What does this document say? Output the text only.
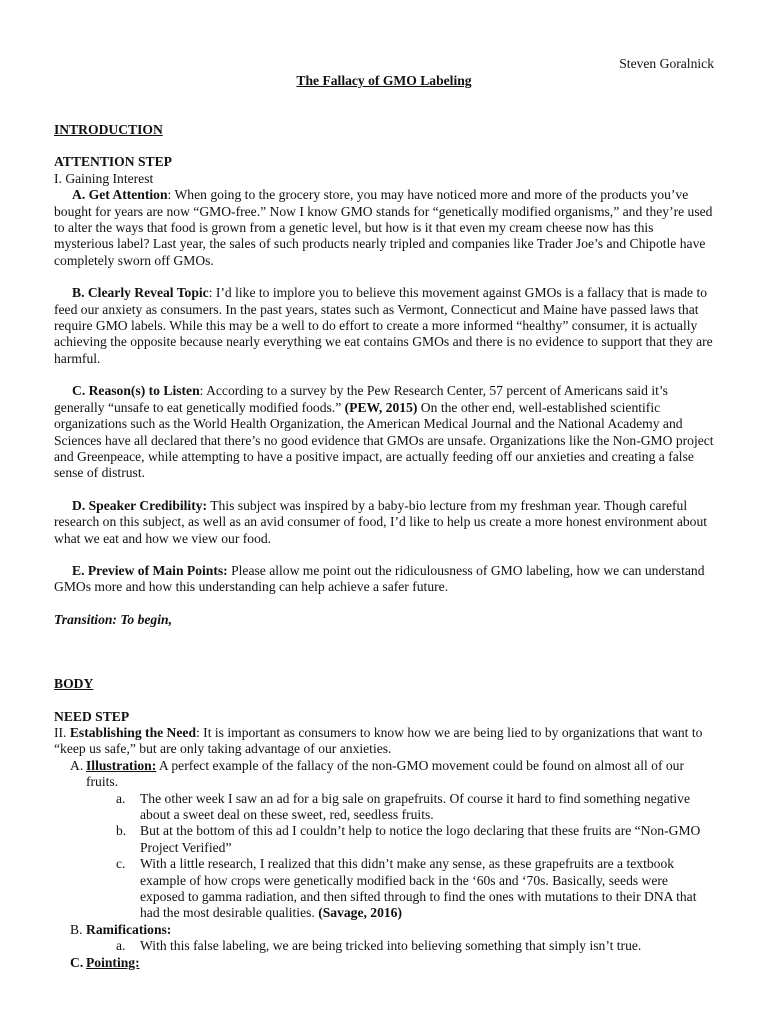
Steven Goralnick
The Fallacy of GMO Labeling
INTRODUCTION
ATTENTION STEP
I. Gaining Interest
A. Get Attention: When going to the grocery store, you may have noticed more and more of the products you’ve bought for years are now “GMO-free.” Now I know GMO stands for “genetically modified organisms,” and they’re used to alter the ways that food is grown from a genetic level, but how is it that even my cream cheese now has this mysterious label? Last year, the sales of such products nearly tripled and companies like Trader Joe’s and Chipotle have completely sworn off GMOs.
B. Clearly Reveal Topic: I’d like to implore you to believe this movement against GMOs is a fallacy that is made to feed our anxiety as consumers. In the past years, states such as Vermont, Connecticut and Maine have passed laws that require GMO labels. While this may be a well to do effort to create a more informed “healthy” consumer, it is actually achieving the opposite because nearly everything we eat contains GMOs and there is no evidence to support that they are harmful.
C. Reason(s) to Listen: According to a survey by the Pew Research Center, 57 percent of Americans said it’s generally “unsafe to eat genetically modified foods.” (PEW, 2015) On the other end, well-established scientific organizations such as the World Health Organization, the American Medical Journal and the National Academy and Sciences have all declared that there’s no good evidence that GMOs are unsafe. Organizations like the Non-GMO project and Greenpeace, while attempting to have a positive impact, are actually feeding off our anxieties and creating a false sense of distrust.
D. Speaker Credibility: This subject was inspired by a baby-bio lecture from my freshman year. Though careful research on this subject, as well as an avid consumer of food, I’d like to help us create a more honest environment about what we eat and how we view our food.
E. Preview of Main Points: Please allow me point out the ridiculousness of GMO labeling, how we can understand GMOs more and how this understanding can help achieve a safer future.
Transition: To begin,
BODY
NEED STEP
II. Establishing the Need: It is important as consumers to know how we are being lied to by organizations that want to “keep us safe,” but are only taking advantage of our anxieties.
A. Illustration: A perfect example of the fallacy of the non-GMO movement could be found on almost all of our fruits.
a. The other week I saw an ad for a big sale on grapefruits. Of course it hard to find something negative about a sweet deal on these sweet, red, seedless fruits.
b. But at the bottom of this ad I couldn’t help to notice the logo declaring that these fruits are “Non-GMO Project Verified”
c. With a little research, I realized that this didn’t make any sense, as these grapefruits are a textbook example of how crops were genetically modified back in the ‘60s and ‘70s. Basically, seeds were exposed to gamma radiation, and then sifted through to find the ones with mutations to their DNA that had the most desirable qualities. (Savage, 2016)
B. Ramifications:
a. With this false labeling, we are being tricked into believing something that simply isn’t true.
C. Pointing:
